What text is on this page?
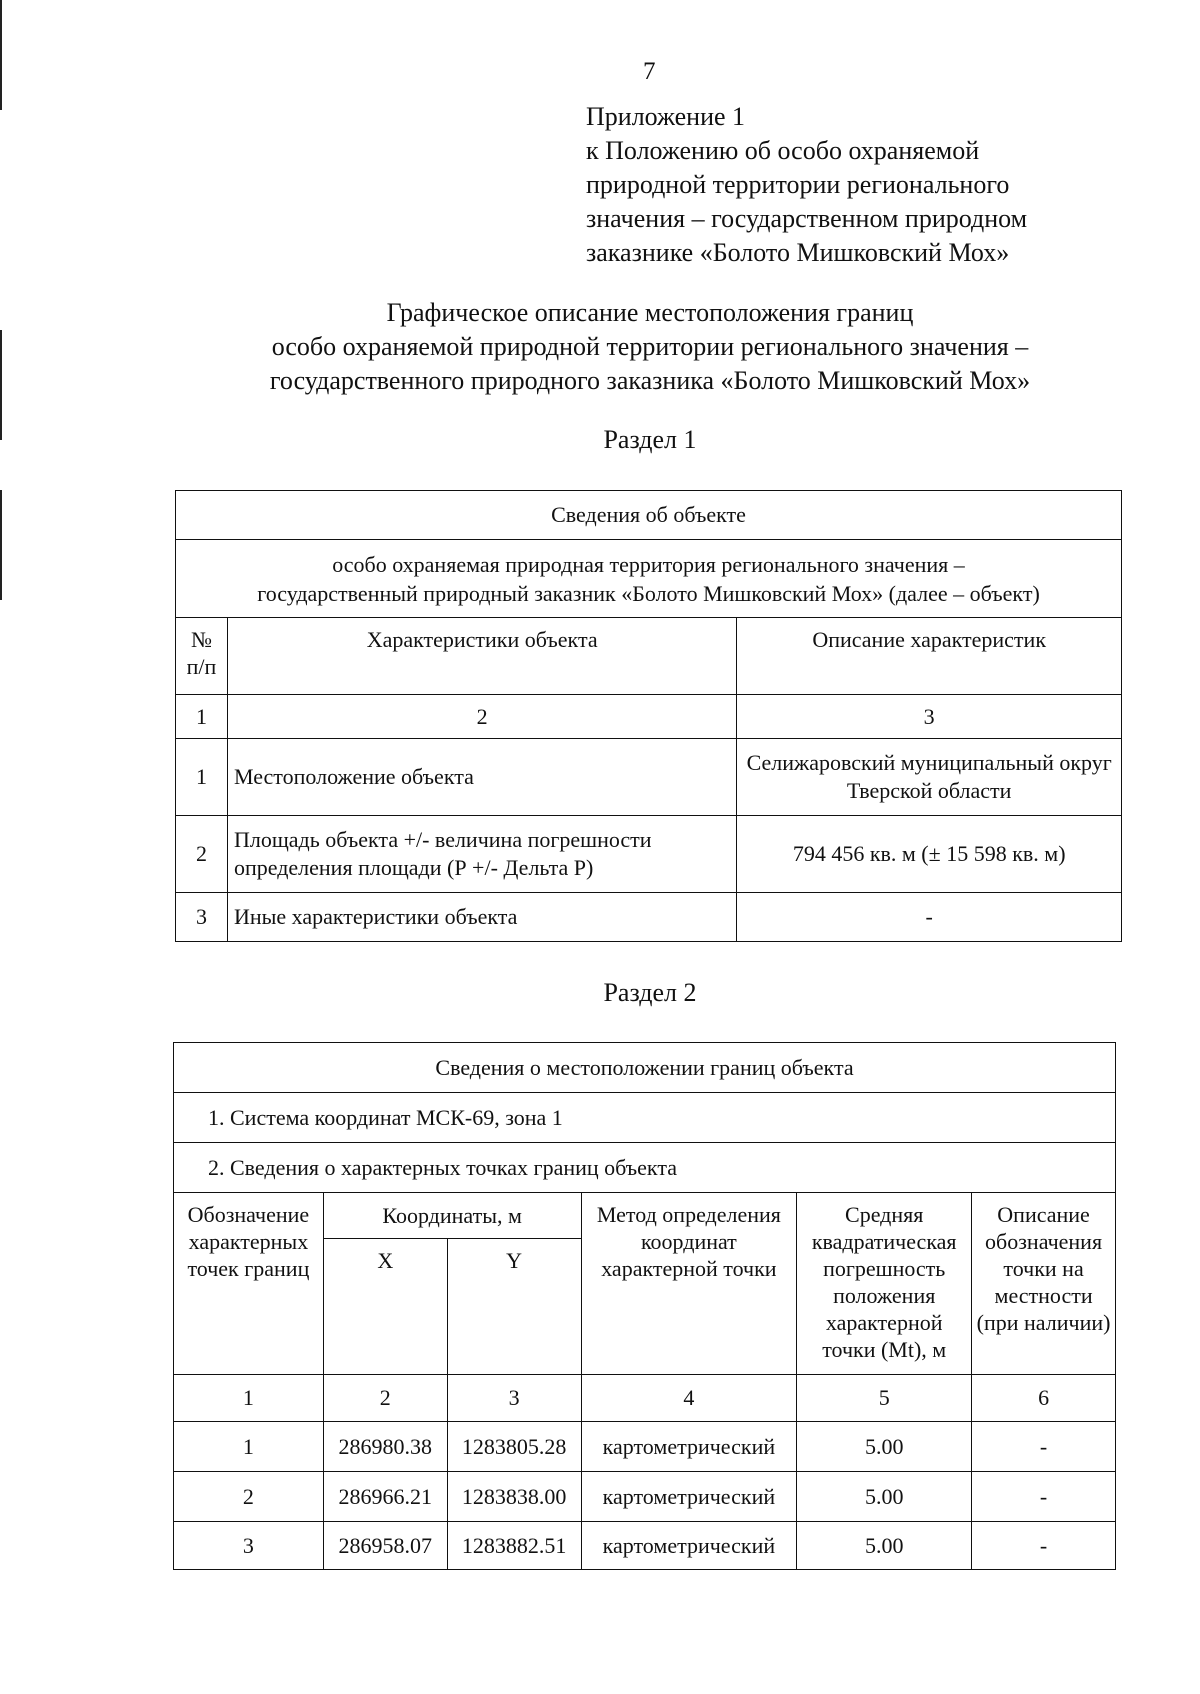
7
Приложение 1
к Положению об особо охраняемой
природной территории регионального
значения – государственном природном
заказнике «Болото Мишковский Мох»
Графическое описание местоположения границ
особо охраняемой природной территории регионального значения –
государственного природного заказника «Болото Мишковский Мох»
Раздел 1
Сведения об объекте		

особо охраняемая природная территория регионального значения –
государственный природный заказник «Болото Мишковский Мох» (далее – объект)		

№ п/п	Характеристики объекта	Описание характеристик
1	2	3
1	Местоположение объекта	Селижаровский муниципальный округ Тверской области
2	Площадь объекта +/- величина погрешности определения площади (Р +/- Дельта Р)	794 456 кв. м (± 15 598 кв. м)
3	Иные характеристики объекта	-
Раздел 2
Сведения о местоположении границ объекта					
1. Система координат МСК-69, зона 1					
2. Сведения о характерных точках границ объекта					
Обозначение характерных точек границ	Координаты, м		Метод определения координат характерной точки	Средняя квадратическая погрешность положения характерной точки (Mt), м	Описание обозначения точки на местности (при наличии)
	X	Y			
1	2	3	4	5	6
1	286980.38	1283805.28	картометрический	5.00	-
2	286966.21	1283838.00	картометрический	5.00	-
3	286958.07	1283882.51	картометрический	5.00	-
